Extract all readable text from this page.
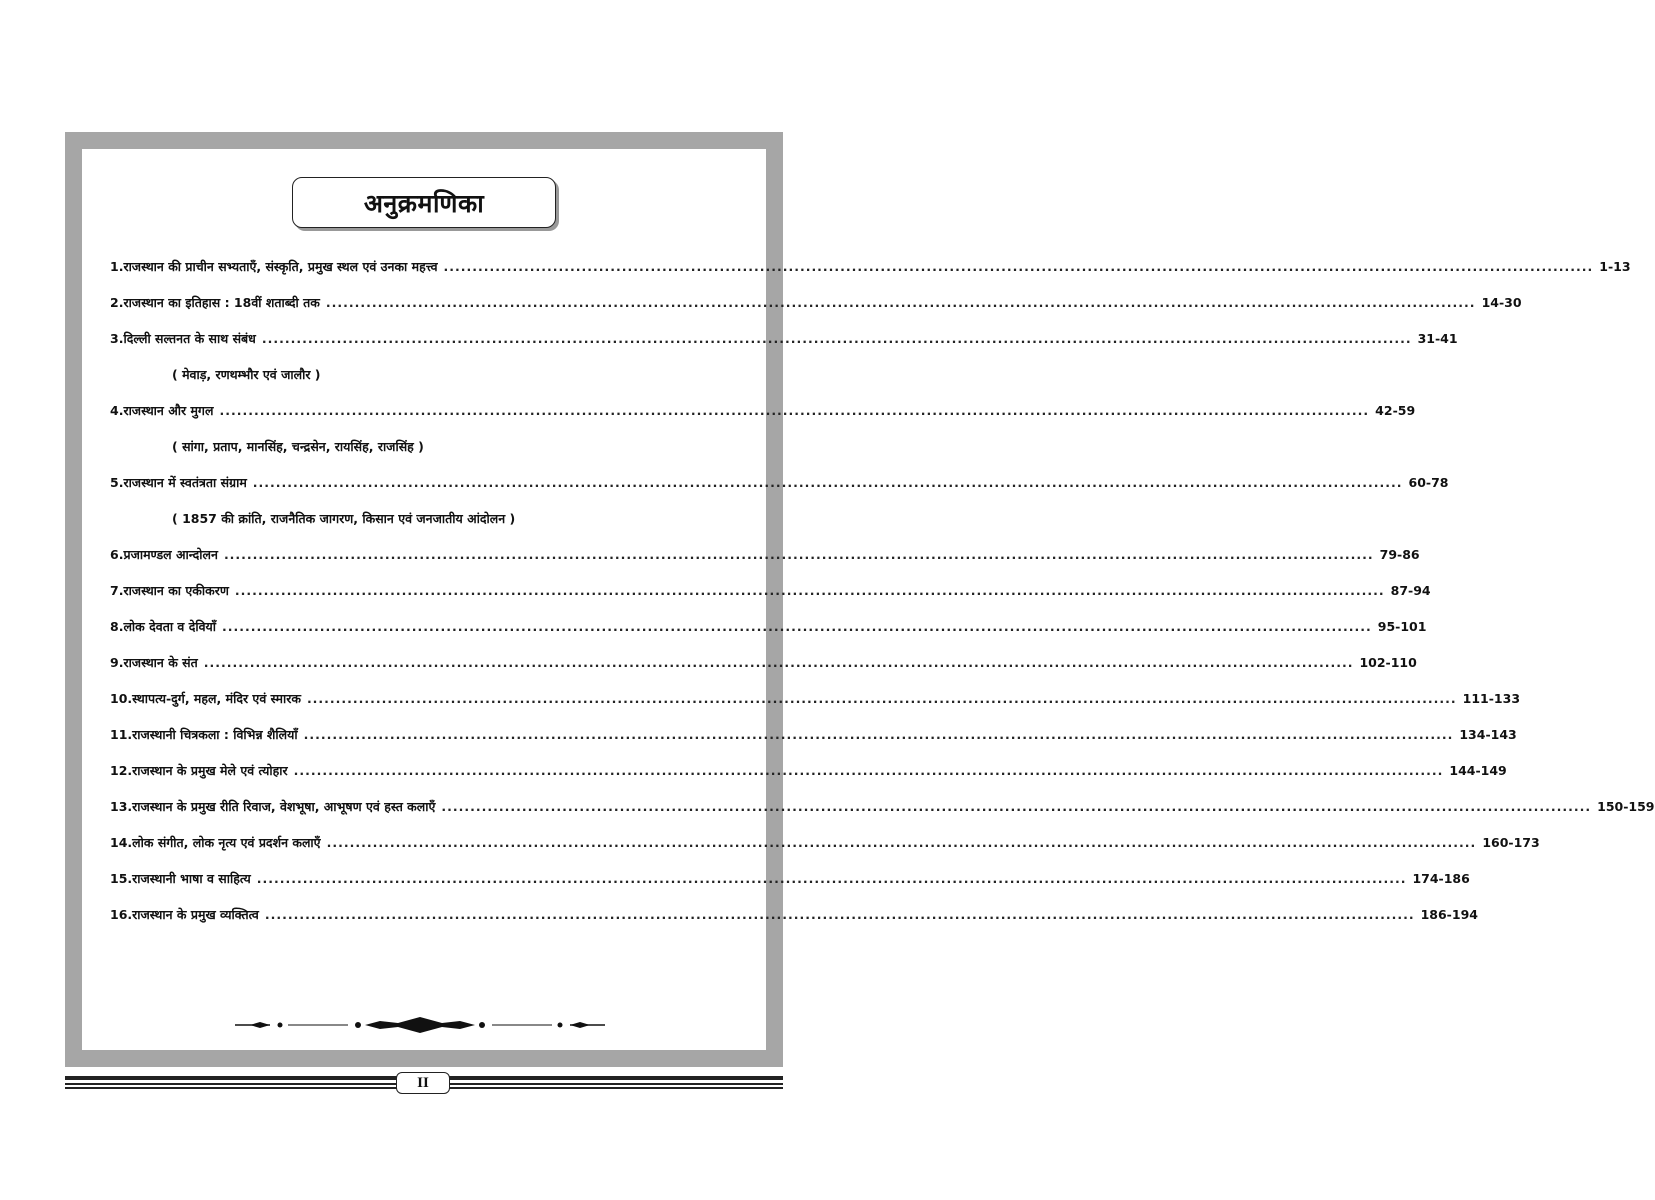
अनुक्रमणिका
1. राजस्थान की प्राचीन सभ्यताएँ, संस्कृति, प्रमुख स्थल एवं उनका महत्त्व ........................................................................................................................................................................................................ 1-13
2. राजस्थान का इतिहास : 18वीं शताब्दी तक ........................................................................................................................................................................................................ 14-30
3. दिल्ली सल्तनत के साथ संबंध ........................................................................................................................................................................................................ 31-41
( मेवाड़, रणथम्भौर एवं जालौर )
4. राजस्थान और मुगल ........................................................................................................................................................................................................ 42-59
( सांगा, प्रताप, मानसिंह, चन्द्रसेन, रायसिंह, राजसिंह )
5. राजस्थान में स्वतंत्रता संग्राम ........................................................................................................................................................................................................ 60-78
( 1857 की क्रांति, राजनैतिक जागरण, किसान एवं जनजातीय आंदोलन )
6. प्रजामण्डल आन्दोलन ........................................................................................................................................................................................................ 79-86
7. राजस्थान का एकीकरण ........................................................................................................................................................................................................ 87-94
8. लोक देवता व देवियाँ ........................................................................................................................................................................................................ 95-101
9. राजस्थान के संत ........................................................................................................................................................................................................ 102-110
10. स्थापत्य-दुर्ग, महल, मंदिर एवं स्मारक ........................................................................................................................................................................................................ 111-133
11. राजस्थानी चित्रकला : विभिन्न शैलियाँ ........................................................................................................................................................................................................ 134-143
12. राजस्थान के प्रमुख मेले एवं त्योहार ........................................................................................................................................................................................................ 144-149
13. राजस्थान के प्रमुख रीति रिवाज, वेशभूषा, आभूषण एवं हस्त कलाएँ ........................................................................................................................................................................................................ 150-159
14. लोक संगीत, लोक नृत्य एवं प्रदर्शन कलाएँ ........................................................................................................................................................................................................ 160-173
15. राजस्थानी भाषा व साहित्य ........................................................................................................................................................................................................ 174-186
16. राजस्थान के प्रमुख व्यक्तित्व ........................................................................................................................................................................................................ 186-194
II
